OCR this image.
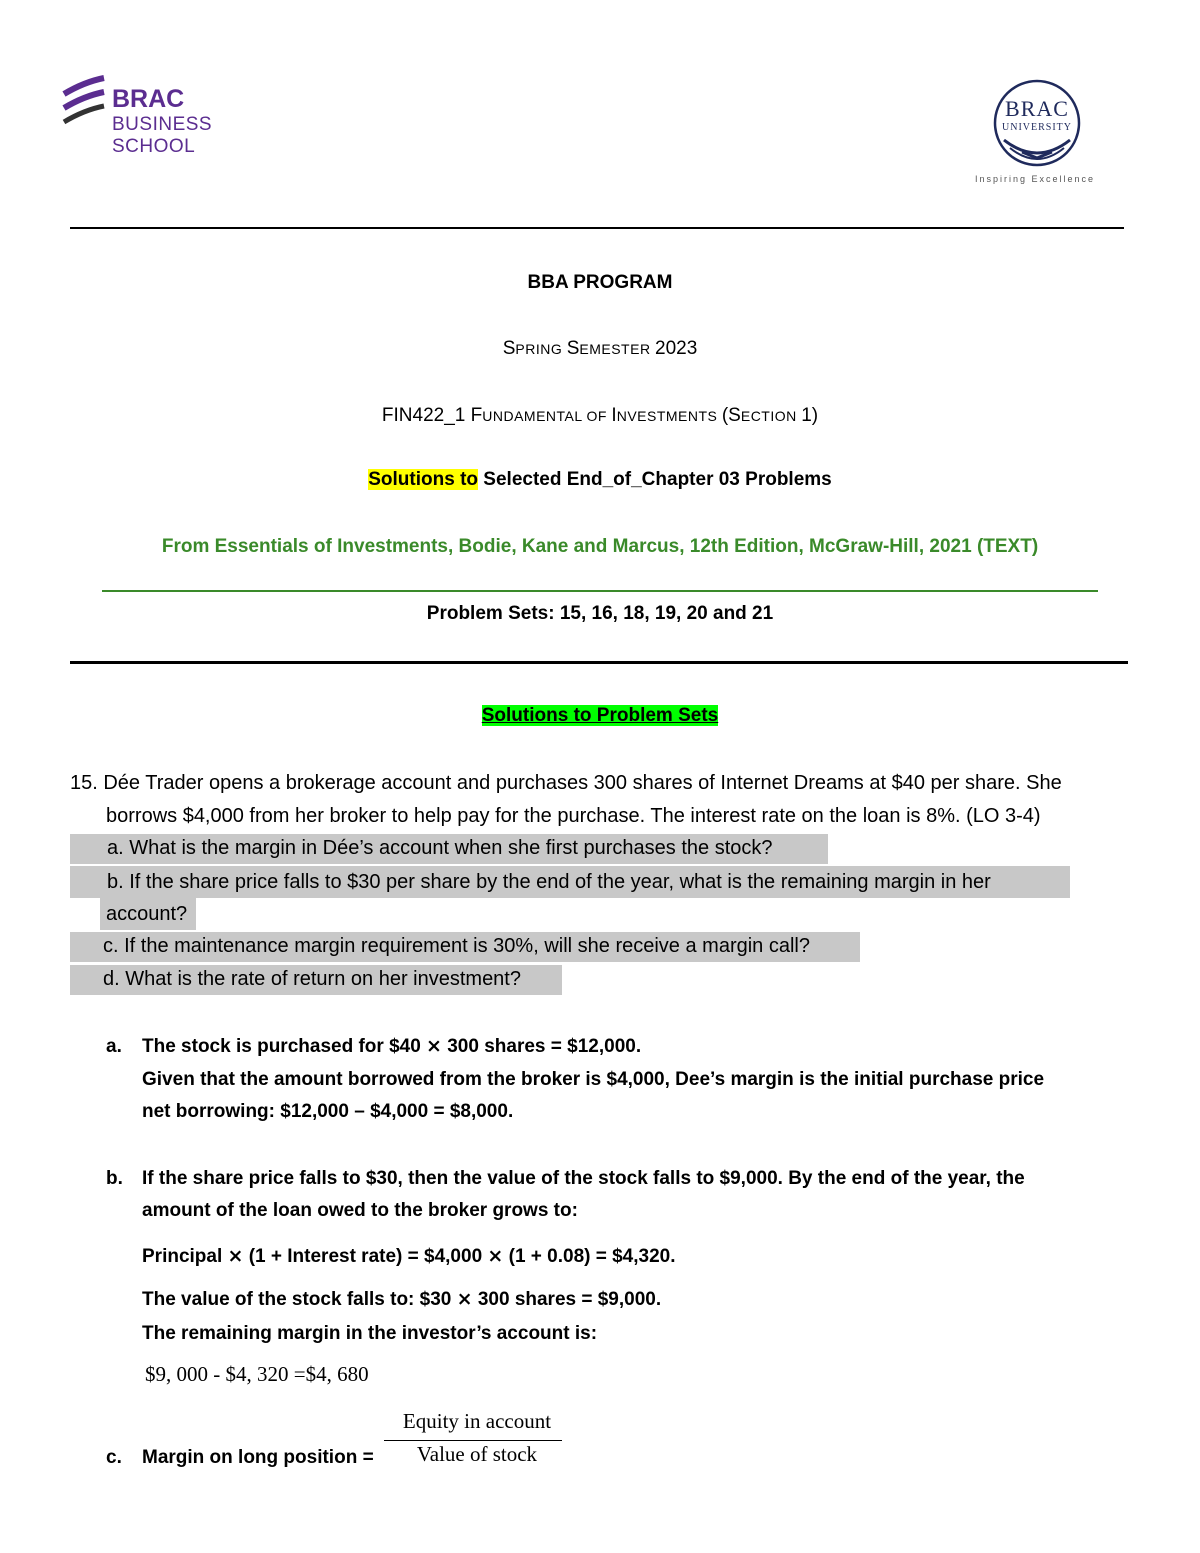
BRAC
BUSINESS
SCHOOL
BRAC
UNIVERSITY
Inspiring Excellence
BBA PROGRAM
SPRING SEMESTER 2023
FIN422_1 FUNDAMENTAL OF INVESTMENTS (SECTION 1)
Solutions to Selected End_of_Chapter 03 Problems
From Essentials of Investments, Bodie, Kane and Marcus, 12th Edition, McGraw-Hill, 2021 (TEXT)
Problem Sets: 15, 16, 18, 19, 20 and 21
Solutions to Problem Sets
15. Dée Trader opens a brokerage account and purchases 300 shares of Internet Dreams at $40 per share. She
borrows $4,000 from her broker to help pay for the purchase. The interest rate on the loan is 8%. (LO 3-4)
a. What is the margin in Dée’s account when she first purchases the stock?
b. If the share price falls to $30 per share by the end of the year, what is the remaining margin in her
account?
c. If the maintenance margin requirement is 30%, will she receive a margin call?
d. What is the rate of return on her investment?
a. The stock is purchased for $40 ⨯ 300 shares = $12,000.
Given that the amount borrowed from the broker is $4,000, Dee’s margin is the initial purchase price
net borrowing: $12,000 – $4,000 = $8,000.
b. If the share price falls to $30, then the value of the stock falls to $9,000. By the end of the year, the
amount of the loan owed to the broker grows to:
Principal ⨯ (1 + Interest rate) = $4,000 ⨯ (1 + 0.08) = $4,320.
The value of the stock falls to: $30 ⨯ 300 shares = $9,000.
The remaining margin in the investor’s account is:
$9, 000 - $4, 320 =$4, 680
Equity in account
c. Margin on long position =	Value of stock
